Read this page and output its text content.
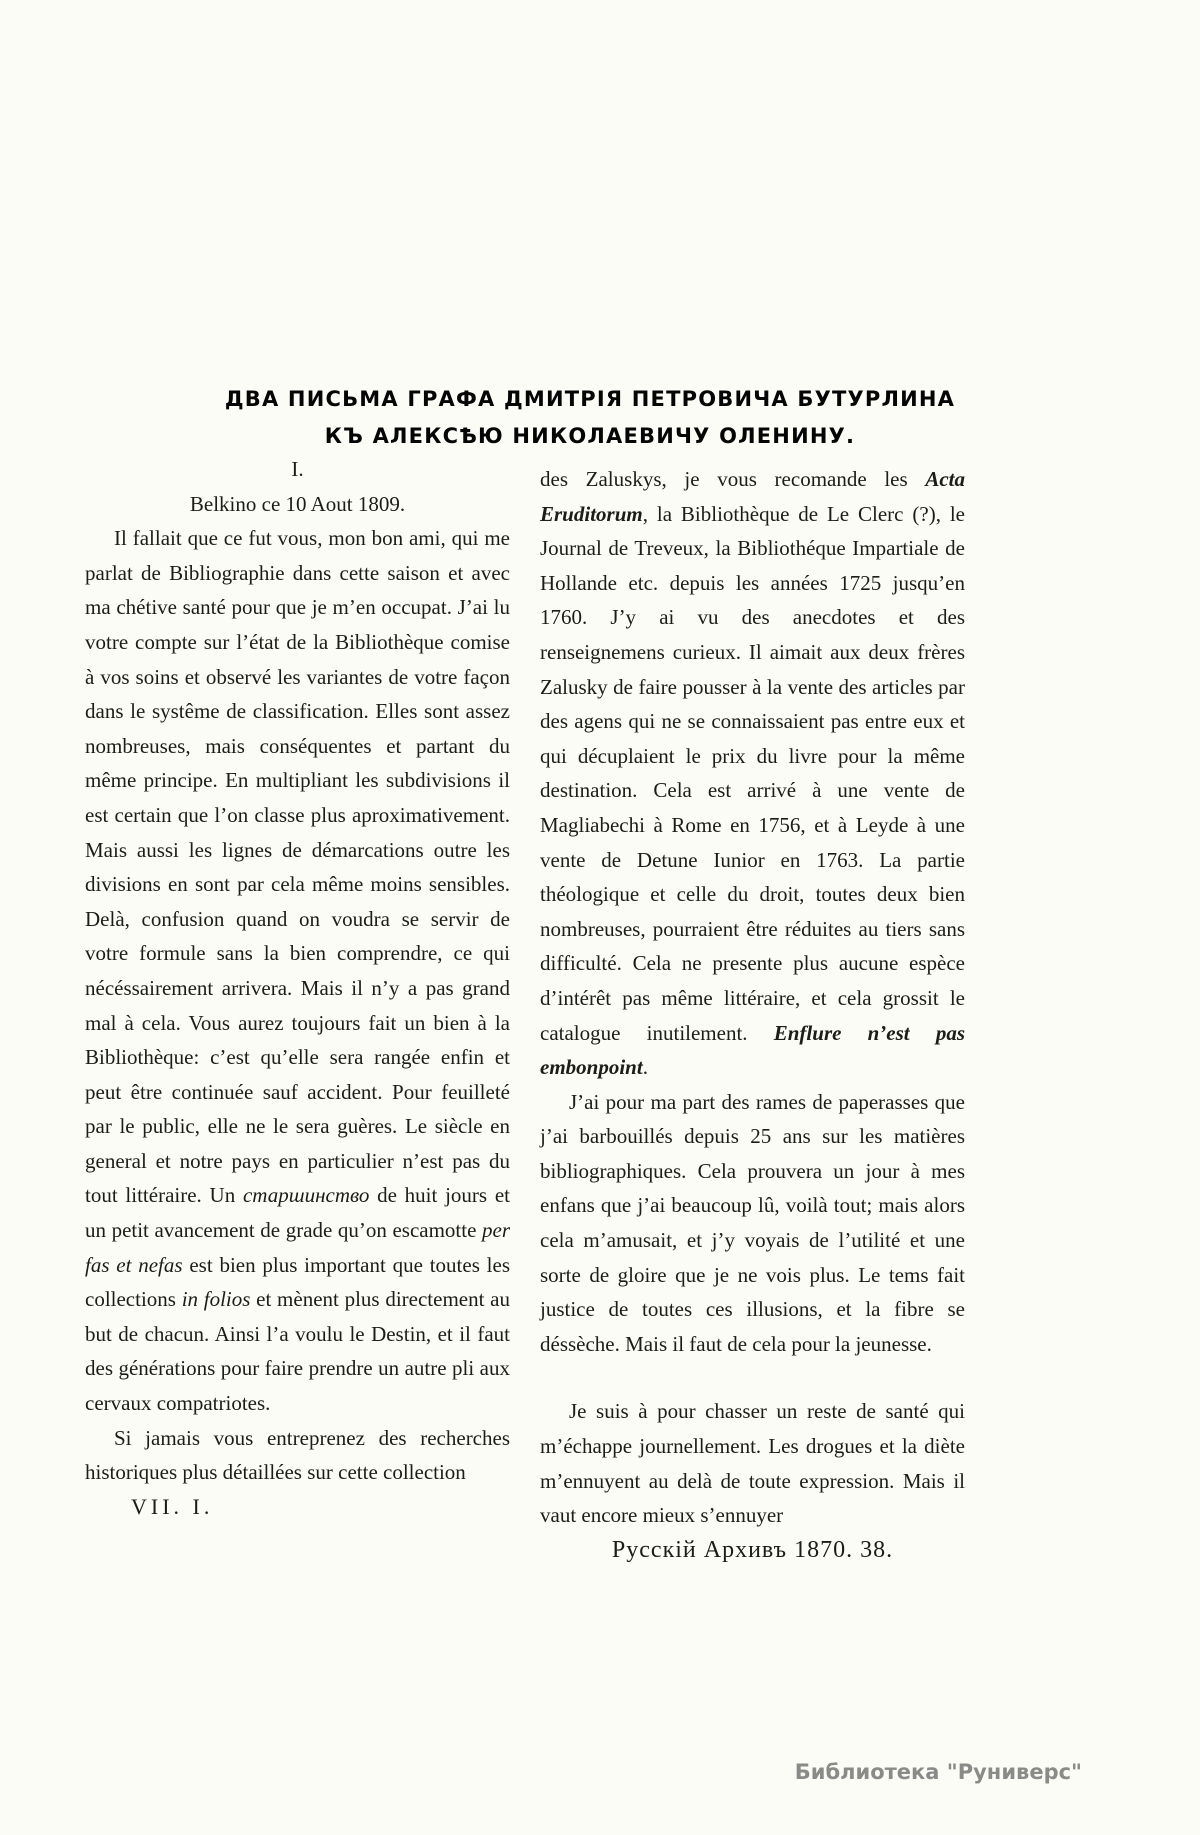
ДВА ПИСЬМА ГРАФА ДМИТРІЯ ПЕТРОВИЧА БУТУРЛИНА
КЪ АЛЕКСѢЮ НИКОЛАЕВИЧУ ОЛЕНИНУ.
I.
Belkino ce 10 Aout 1809.

Il fallait que ce fut vous, mon bon ami, qui me parlat de Bibliographie dans cette saison et avec ma chétive santé pour que je m’en occupat. J’ai lu votre compte sur l’état de la Bibliothèque comise à vos soins et observé les variantes de votre façon dans le systême de classification. Elles sont assez nombreuses, mais conséquentes et partant du même principe. En multipliant les subdivisions il est certain que l’on classe plus aproximativement. Mais aussi les lignes de démarcations outre les divisions en sont par cela même moins sensibles. Delà, confusion quand on voudra se servir de votre formule sans la bien comprendre, ce qui nécéssairement arrivera. Mais il n’y a pas grand mal à cela. Vous aurez toujours fait un bien à la Bibliothèque: c’est qu’elle sera rangée enfin et peut être continuée sauf accident. Pour feuilleté par le public, elle ne le sera guères. Le siècle en general et notre pays en particulier n’est pas du tout littéraire. Un старшинство de huit jours et un petit avancement de grade qu’on escamotte per fas et nefas est bien plus important que toutes les collections in folios et mènent plus directement au but de chacun. Ainsi l’a voulu le Destin, et il faut des générations pour faire prendre un autre pli aux cervaux compatriotes.

Si jamais vous entreprenez des recherches historiques plus détaillées sur cette collection

VII. I.

des Zaluskys, je vous recomande les Acta Eruditorum, la Bibliothèque de Le Clerc (?), le Journal de Treveux, la Bibliothéque Impartiale de Hollande etc. depuis les années 1725 jusqu’en 1760. J’y ai vu des anecdotes et des renseignemens curieux. Il aimait aux deux frères Zalusky de faire pousser à la vente des articles par des agens qui ne se connaissaient pas entre eux et qui décuplaient le prix du livre pour la même destination. Cela est arrivé à une vente de Magliabechi à Rome en 1756, et à Leyde à une vente de Detune Iunior en 1763. La partie théologique et celle du droit, toutes deux bien nombreuses, pourraient être réduites au tiers sans difficulté. Cela ne presente plus aucune espèce d’intérêt pas même littéraire, et cela grossit le catalogue inutilement. Enflure n’est pas embonpoint.

J’ai pour ma part des rames de paperasses que j’ai barbouillés depuis 25 ans sur les matières bibliographiques. Cela prouvera un jour à mes enfans que j’ai beaucoup lû, voilà tout; mais alors cela m’amusait, et j’y voyais de l’utilité et une sorte de gloire que je ne vois plus. Le tems fait justice de toutes ces illusions, et la fibre se déssèche. Mais il faut de cela pour la jeunesse.

Je suis à pour chasser un reste de santé qui m’échappe journellement. Les drogues et la diète m’ennuyent au delà de toute expression. Mais il vaut encore mieux s’ennuyer

Русскій Архивъ 1870. 38.

Библиотека "Руниверс"
